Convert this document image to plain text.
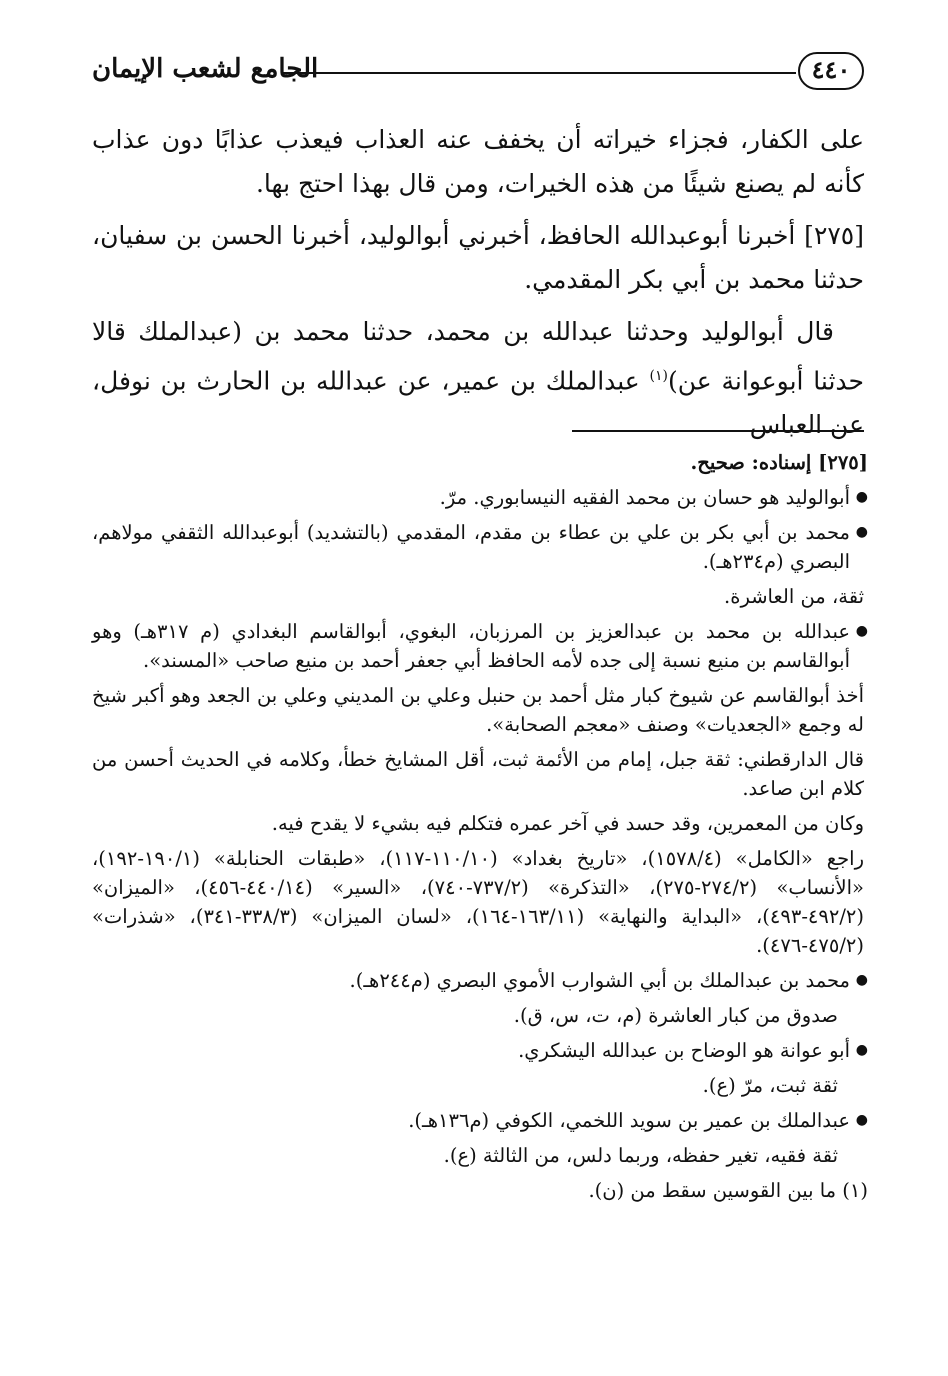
٤٤٠
الجامع لشعب الإيمان

على الكفار، فجزاء خيراته أن يخفف عنه العذاب فيعذب عذابًا دون عذاب كأنه لم يصنع شيئًا من هذه الخيرات، ومن قال بهذا احتج بها.

[٢٧٥] أخبرنا أبوعبدالله الحافظ، أخبرني أبوالوليد، أخبرنا الحسن بن سفيان، حدثنا محمد بن أبي بكر المقدمي.

قال أبوالوليد وحدثنا عبدالله بن محمد، حدثنا محمد بن (عبدالملك قالا حدثنا أبوعوانة عن)$^{(١)}$ عبدالملك بن عمير، عن عبدالله بن الحارث بن نوفل، عن العباس

[٢٧٥] إسناده: صحيح.

● أبوالوليد هو حسان بن محمد الفقيه النيسابوري. مرّ.

● محمد بن أبي بكر بن علي بن عطاء بن مقدم، المقدمي (بالتشديد) أبوعبدالله الثقفي مولاهم، البصري (م٢٣٤هـ).

ثقة، من العاشرة.

● عبدالله بن محمد بن عبدالعزيز بن المرزبان، البغوي، أبوالقاسم البغدادي (م ٣١٧هـ) وهو أبوالقاسم بن منيع نسبة إلى جده لأمه الحافظ أبي جعفر أحمد بن منيع صاحب «المسند».

أخذ أبوالقاسم عن شيوخ كبار مثل أحمد بن حنبل وعلي بن المديني وعلي بن الجعد وهو أكبر شيخ له وجمع «الجعديات» وصنف «معجم الصحابة».

قال الدارقطني: ثقة جبل، إمام من الأئمة ثبت، أقل المشايخ خطأ، وكلامه في الحديث أحسن من كلام ابن صاعد.

وكان من المعمرين، وقد حسد في آخر عمره فتكلم فيه بشيء لا يقدح فيه.

راجع «الكامل» (١٥٧٨/٤)، «تاريخ بغداد» (١١٠/١٠-١١٧)، «طبقات الحنابلة» (١٩٠/١-١٩٢)، «الأنساب» (٢٧٤/٢-٢٧٥)، «التذكرة» (٧٣٧/٢-٧٤٠)، «السير» (٤٤٠/١٤-٤٥٦)، «الميزان» (٤٩٢/٢-٤٩٣)، «البداية والنهاية» (١٦٣/١١-١٦٤)، «لسان الميزان» (٣٣٨/٣-٣٤١)، «شذرات» (٤٧٥/٢-٤٧٦).

● محمد بن عبدالملك بن أبي الشوارب الأموي البصري (م٢٤٤هـ).

صدوق من كبار العاشرة (م، ت، س، ق).

● أبو عوانة هو الوضاح بن عبدالله اليشكري.

ثقة ثبت، مرّ (ع).

● عبدالملك بن عمير بن سويد اللخمي، الكوفي (م١٣٦هـ).

ثقة فقيه، تغير حفظه، وربما دلس، من الثالثة (ع).

(١) ما بين القوسين سقط من (ن).
